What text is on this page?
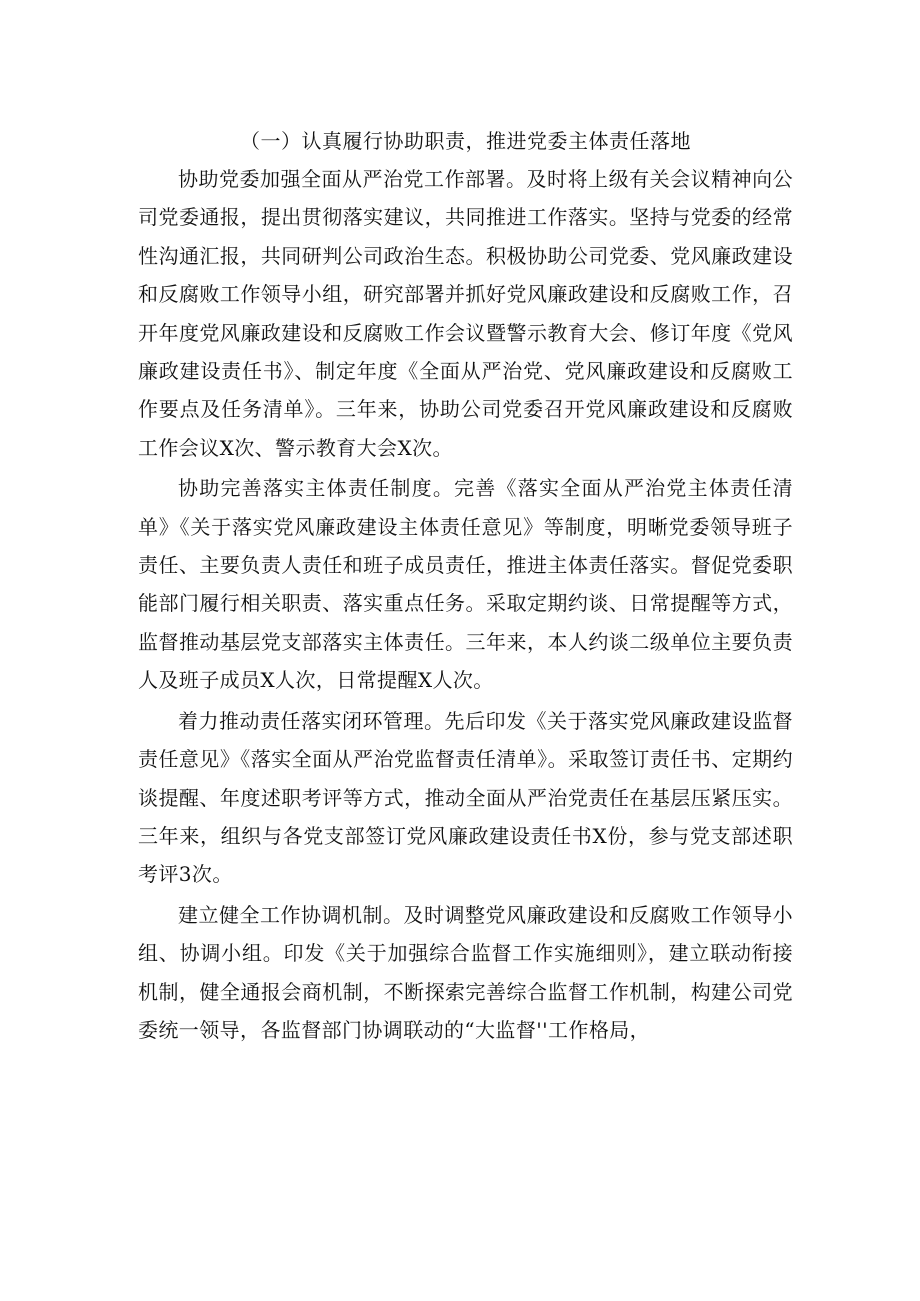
（一）认真履行协助职责，推进党委主体责任落地

协助党委加强全面从严治党工作部署。及时将上级有关会议精神向公司党委通报，提出贯彻落实建议，共同推进工作落实。坚持与党委的经常性沟通汇报，共同研判公司政治生态。积极协助公司党委、党风廉政建设和反腐败工作领导小组，研究部署并抓好党风廉政建设和反腐败工作，召开年度党风廉政建设和反腐败工作会议暨警示教育大会、修订年度《党风廉政建设责任书》、制定年度《全面从严治党、党风廉政建设和反腐败工作要点及任务清单》。三年来，协助公司党委召开党风廉政建设和反腐败工作会议X次、警示教育大会X次。

协助完善落实主体责任制度。完善《落实全面从严治党主体责任清单》《关于落实党风廉政建设主体责任意见》等制度，明晰党委领导班子责任、主要负责人责任和班子成员责任，推进主体责任落实。督促党委职能部门履行相关职责、落实重点任务。采取定期约谈、日常提醒等方式，监督推动基层党支部落实主体责任。三年来，本人约谈二级单位主要负责人及班子成员X人次，日常提醒X人次。

着力推动责任落实闭环管理。先后印发《关于落实党风廉政建设监督责任意见》《落实全面从严治党监督责任清单》。采取签订责任书、定期约谈提醒、年度述职考评等方式，推动全面从严治党责任在基层压紧压实。三年来，组织与各党支部签订党风廉政建设责任书X份，参与党支部述职考评3次。

建立健全工作协调机制。及时调整党风廉政建设和反腐败工作领导小组、协调小组。印发《关于加强综合监督工作实施细则》，建立联动衔接机制，健全通报会商机制，不断探索完善综合监督工作机制，构建公司党委统一领导，各监督部门协调联动的“大监督''工作格局，
